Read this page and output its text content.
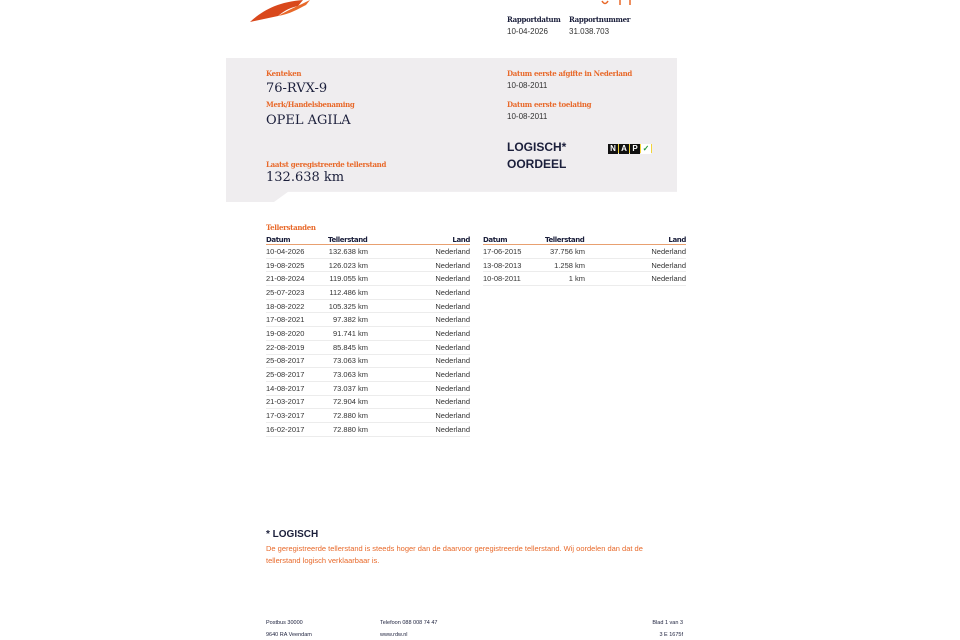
Rapportdatum
10-04-2026
Rapportnummer
31.038.703
Kenteken
76-RVX-9
Merk/Handelsbenaming
OPEL AGILA
Laatst geregistreerde tellerstand
132.638 km
Datum eerste afgifte in Nederland
10-08-2011
Datum eerste toelating
10-08-2011
LOGISCH*
OORDEEL
N A P ✓
Tellerstanden
Datum	Tellerstand	Land
10-04-2026	132.638 km	Nederland
19-08-2025	126.023 km	Nederland
21-08-2024	119.055 km	Nederland
25-07-2023	112.486 km	Nederland
18-08-2022	105.325 km	Nederland
17-08-2021	97.382 km	Nederland
19-08-2020	91.741 km	Nederland
22-08-2019	85.845 km	Nederland
25-08-2017	73.063 km	Nederland
25-08-2017	73.063 km	Nederland
14-08-2017	73.037 km	Nederland
21-03-2017	72.904 km	Nederland
17-03-2017	72.880 km	Nederland
16-02-2017	72.880 km	Nederland
Datum	Tellerstand	Land
17-06-2015	37.756 km	Nederland
13-08-2013	1.258 km	Nederland
10-08-2011	1 km	Nederland
* LOGISCH
De geregistreerde tellerstand is steeds hoger dan de daarvoor geregistreerde tellerstand. Wij oordelen dan dat de tellerstand logisch verklaarbaar is.
Postbus 30000
9640 RA Veendam
Telefoon 088 008 74 47
www.rdw.nl
Blad 1 van 3
3 E 1675f
